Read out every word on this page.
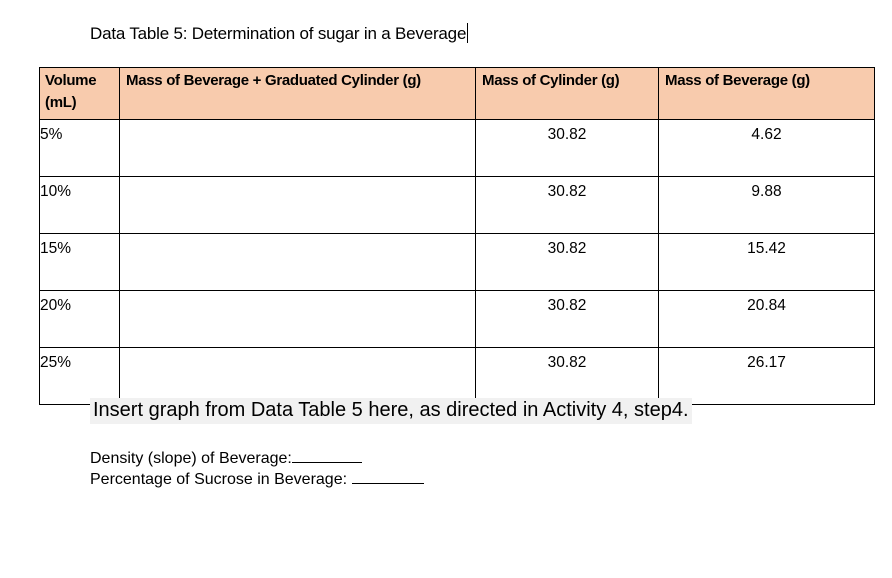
Data Table 5: Determination of sugar in a Beverage
Volume (mL)	Mass of Beverage + Graduated Cylinder (g)	Mass of Cylinder (g)	Mass of Beverage (g)
5%		30.82	4.62
10%		30.82	9.88
15%		30.82	15.42
20%		30.82	20.84
25%		30.82	26.17
Insert graph from Data Table 5 here, as directed in Activity 4, step4.
Density (slope) of Beverage:
Percentage of Sucrose in Beverage:
